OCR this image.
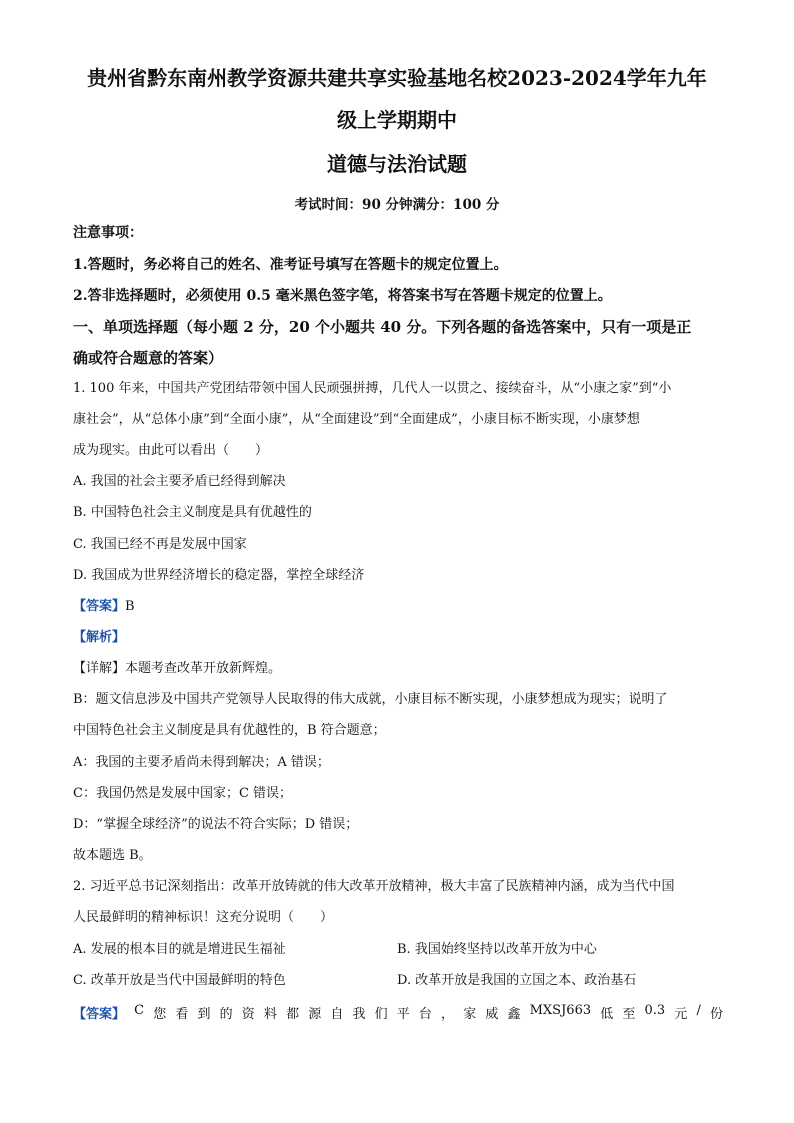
贵州省黔东南州教学资源共建共享实验基地名校2023-2024学年九年
级上学期期中
道德与法治试题
考试时间：90 分钟满分：100 分
注意事项：
1.答题时，务必将自己的姓名、准考证号填写在答题卡的规定位置上。
2.答非选择题时，必须使用 0.5 毫米黑色签字笔，将答案书写在答题卡规定的位置上。
一、单项选择题（每小题 2 分，20 个小题共 40 分。下列各题的备选答案中，只有一项是正
确或符合题意的答案）
1. 100 年来，中国共产党团结带领中国人民顽强拼搏，几代人一以贯之、接续奋斗，从“小康之家”到“小
康社会”，从“总体小康”到“全面小康”，从“全面建设”到“全面建成”，小康目标不断实现，小康梦想
成为现实。由此可以看出（　　）
A. 我国的社会主要矛盾已经得到解决
B. 中国特色社会主义制度是具有优越性的
C. 我国已经不再是发展中国家
D. 我国成为世界经济增长的稳定器，掌控全球经济
【答案】B
【解析】
【详解】本题考查改革开放新辉煌。
B：题文信息涉及中国共产党领导人民取得的伟大成就，小康目标不断实现，小康梦想成为现实；说明了
中国特色社会主义制度是具有优越性的，B 符合题意；
A：我国的主要矛盾尚未得到解决；A 错误；
C：我国仍然是发展中国家；C 错误；
D：“掌握全球经济”的说法不符合实际；D 错误；
故本题选 B。
2. 习近平总书记深刻指出：改革开放铸就的伟大改革开放精神，极大丰富了民族精神内涵，成为当代中国
人民最鲜明的精神标识！这充分说明（　　）
A. 发展的根本目的就是增进民生福祉	B. 我国始终坚持以改革开放为中心
C. 改革开放是当代中国最鲜明的特色	D. 改革开放是我国的立国之本、政治基石
【答案】 C 您 看 到 的 资 料 都 源 自 我 们 平 台 ， 家 威 鑫 MXSJ663 低 至 0.3 元 / 份
